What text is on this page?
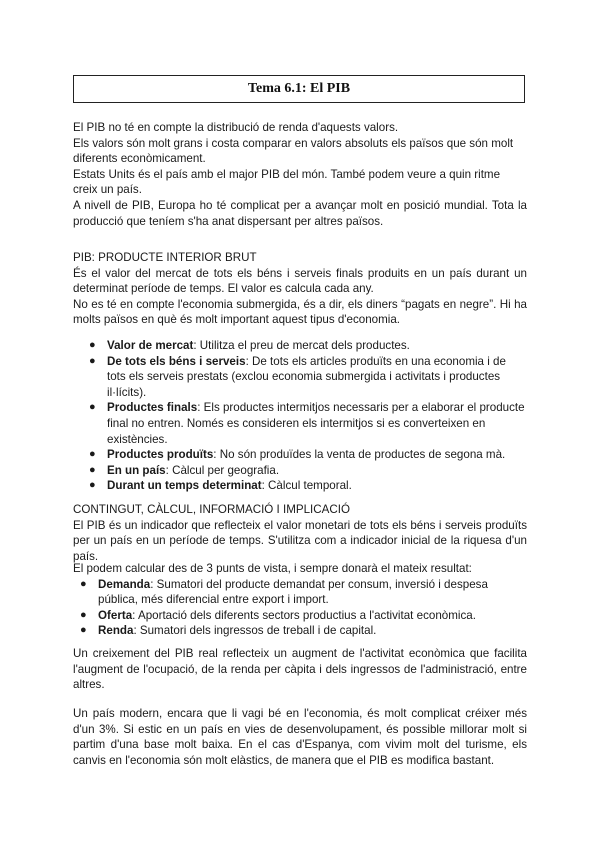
Tema 6.1: El PIB

El PIB no té en compte la distribució de renda d'aquests valors.

Els valors són molt grans i costa comparar en valors absoluts els països que són molt diferents econòmicament.

Estats Units és el país amb el major PIB del món. També podem veure a quin ritme creix un país.

A nivell de PIB, Europa ho té complicat per a avançar molt en posició mundial. Tota la producció que teníem s'ha anat dispersant per altres països.

PIB: PRODUCTE INTERIOR BRUT

És el valor del mercat de tots els béns i serveis finals produits en un país durant un determinat període de temps. El valor es calcula cada any.

No es té en compte l'economia submergida, és a dir, els diners “pagats en negre”. Hi ha molts països en què és molt important aquest tipus d'economia.

● Valor de mercat: Utilitza el preu de mercat dels productes.
● De tots els béns i serveis: De tots els articles produïts en una economia i de tots els serveis prestats (exclou economia submergida i activitats i productes il·lícits).
● Productes finals: Els productes intermitjos necessaris per a elaborar el producte final no entren. Només es consideren els intermitjos si es converteixen en existències.
● Productes produïts: No són produïdes la venta de productes de segona mà.
● En un país: Càlcul per geografia.
● Durant un temps determinat: Càlcul temporal.

CONTINGUT, CÀLCUL, INFORMACIÓ I IMPLICACIÓ

El PIB és un indicador que reflecteix el valor monetari de tots els béns i serveis produïts per un país en un període de temps. S'utilitza com a indicador inicial de la riquesa d'un país.

El podem calcular des de 3 punts de vista, i sempre donarà el mateix resultat:

● Demanda: Sumatori del producte demandat per consum, inversió i despesa pública, més diferencial entre export i import.
● Oferta: Aportació dels diferents sectors productius a l'activitat econòmica.
● Renda: Sumatori dels ingressos de treball i de capital.

Un creixement del PIB real reflecteix un augment de l'activitat econòmica que facilita l'augment de l'ocupació, de la renda per càpita i dels ingressos de l'administració, entre altres.

Un país modern, encara que li vagi bé en l'economia, és molt complicat créixer més d'un 3%. Si estic en un país en vies de desenvolupament, és possible millorar molt si partim d'una base molt baixa. En el cas d'Espanya, com vivim molt del turisme, els canvis en l'economia són molt elàstics, de manera que el PIB es modifica bastant.
